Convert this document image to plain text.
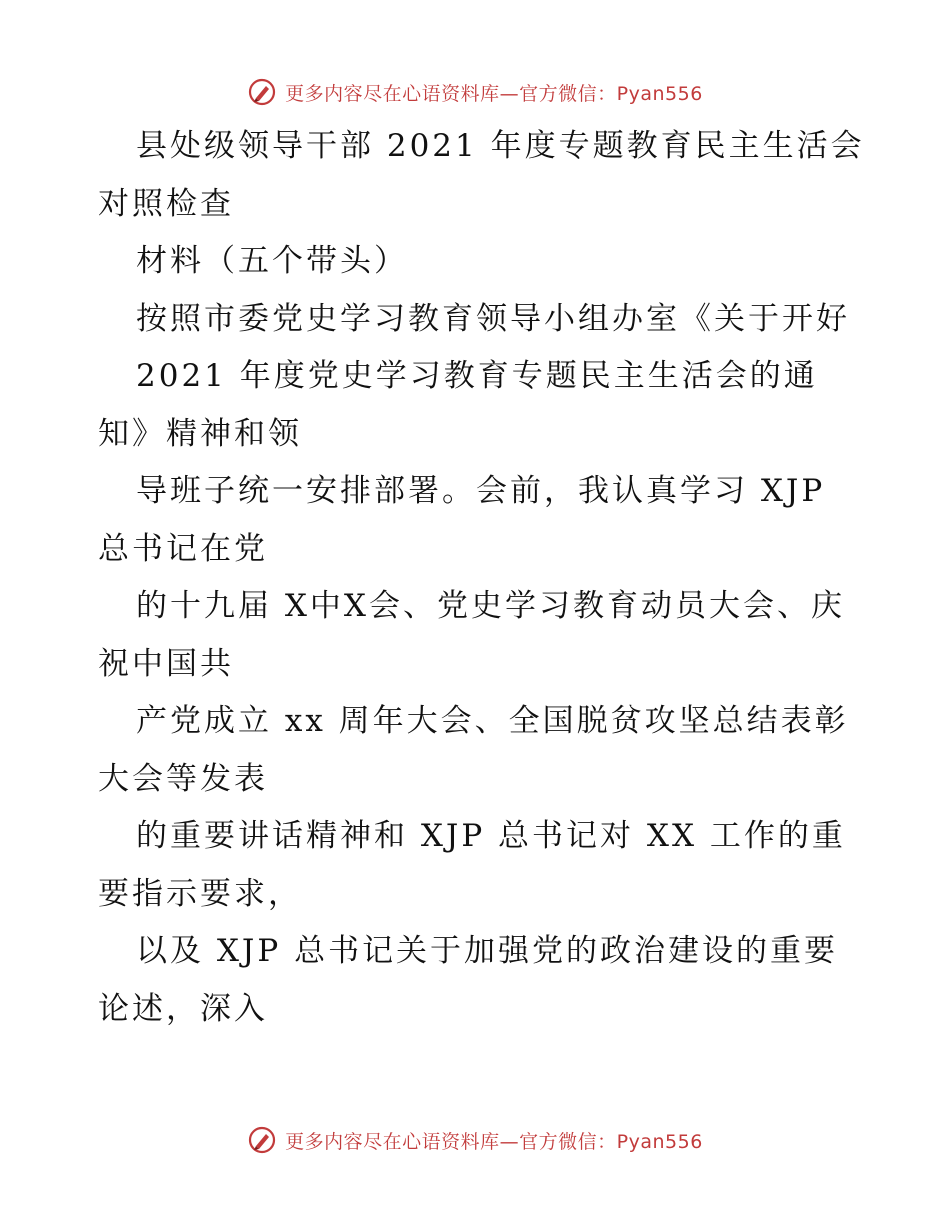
更多内容尽在心语资料库—官方微信：Pyan556
县处级领导干部 2021 年度专题教育民主生活会
对照检查
材料（五个带头）
按照市委党史学习教育领导小组办室《关于开好
2021 年度党史学习教育专题民主生活会的通
知》精神和领
导班子统一安排部署。会前，我认真学习 XJP
总书记在党
的十九届 X中X会、党史学习教育动员大会、庆
祝中国共
产党成立 xx 周年大会、全国脱贫攻坚总结表彰
大会等发表
的重要讲话精神和 XJP 总书记对 XX 工作的重
要指示要求，
以及 XJP 总书记关于加强党的政治建设的重要
论述，深入
更多内容尽在心语资料库—官方微信：Pyan556
